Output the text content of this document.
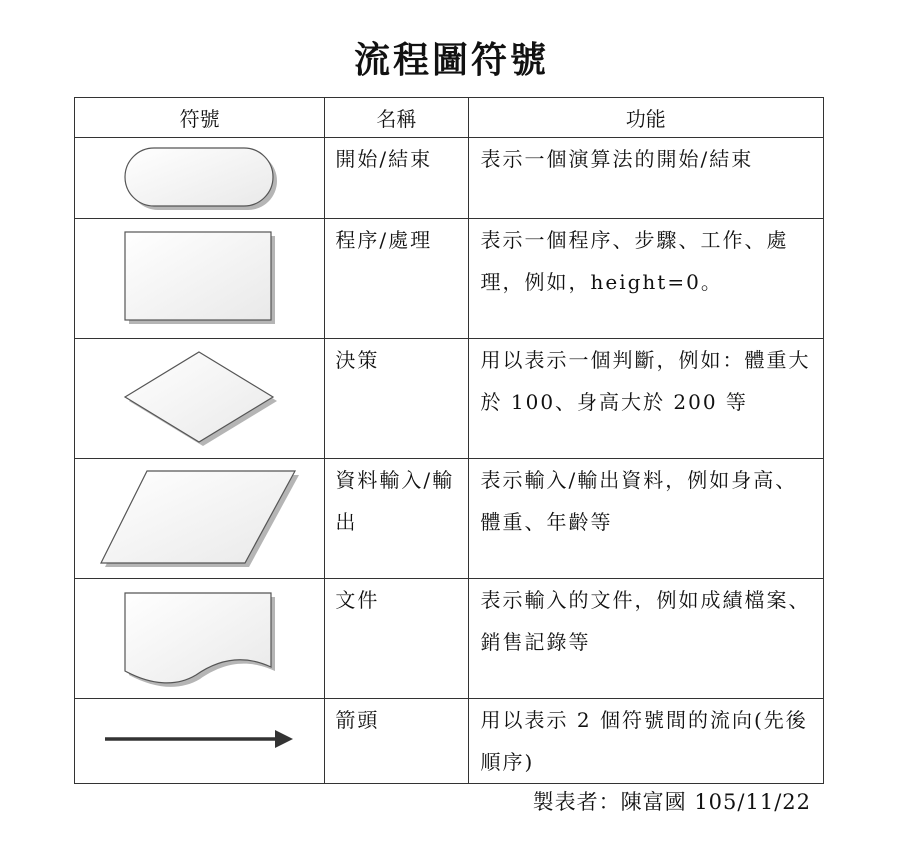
流程圖符號
符號	名稱	功能

	開始/結束	表示一個演算法的開始/結束

	程序/處理	表示一個程序、步驟、工作、處理，例如，height=0。

	決策	用以表示一個判斷，例如：體重大於 100、身高大於 200 等

	資料輸入/輸出	表示輸入/輸出資料，例如身高、體重、年齡等

	文件	表示輸入的文件，例如成績檔案、銷售記錄等

	箭頭	用以表示 2 個符號間的流向(先後順序)
製表者：陳富國 105/11/22
